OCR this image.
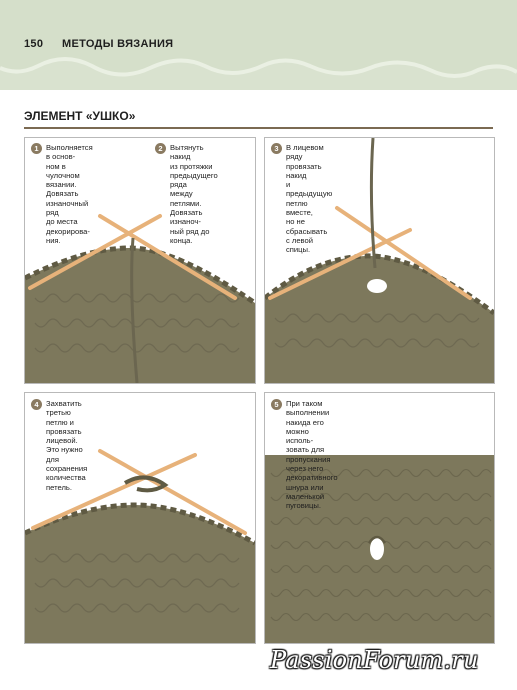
150 МЕТОДЫ ВЯЗАНИЯ
ЭЛЕМЕНТ «УШКО»
1 Выполняется в основ-
ном в чулочном
вязании. Довязать
изнаночный ряд
до места декорирова-
ния.
2 Вытянуть накид
из протяжки
предыдущего ряда
между петлями.
Довязать изнаноч-
ный ряд до конца.
3 В лицевом ряду
провязать накид
и предыдущую
петлю вместе,
но не сбрасывать
с левой спицы.
4 Захватить третью
петлю и провязать
лицевой. Это нужно
для сохранения
количества петель.
5 При таком выполнении накида его можно исполь-
зовать для пропускания через него декоративного
шнура или маленькой пуговицы.
PassionForum.ru
